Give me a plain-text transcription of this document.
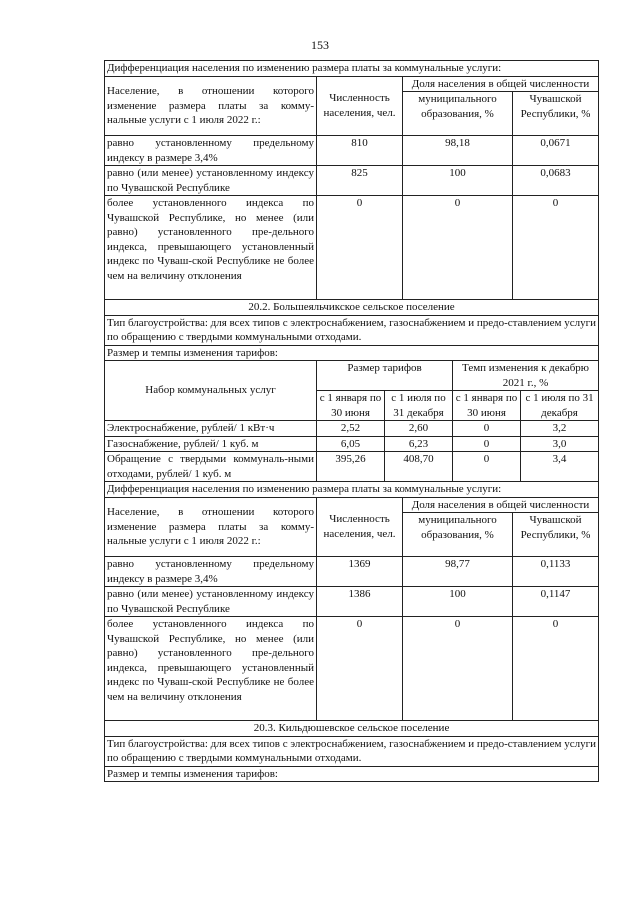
153
Дифференциация населения по изменению размера платы за коммунальные услуги:			
Население, в отношении которого изменение размера платы за комму-нальные услуги с 1 июля 2022 г.:	Численность населения, чел.	Доля населения в общей численности	
		муниципального образования, %	Чувашской Республики, %
равно установленному предельному индексу в размере 3,4%	810	98,18	0,0671
равно (или менее) установленному индексу по Чувашской Республике	825	100	0,0683
более установленного индекса по Чувашской Республике, но менее (или равно) установленного пре-дельного индекса, превышающего установленный индекс по Чуваш-ской Республике не более чем на величину отклонения	0	0	0
20.2. Большеяльчикское сельское поселение			
Тип благоустройства: для всех типов с электроснабжением, газоснабжением и предо-ставлением услуги по обращению с твердыми коммунальными отходами.			
Размер и темпы изменения тарифов:			
Набор коммунальных услуг	Размер тарифов		Темп изменения к декабрю 2021 г., %	
	с 1 января по 30 июня	с 1 июля по 31 декабря	с 1 января по 30 июня	с 1 июля по 31 декабря
Электроснабжение, рублей/ 1 кВт·ч	2,52	2,60	0	3,2
Газоснабжение, рублей/ 1 куб. м	6,05	6,23	0	3,0
Обращение с твердыми коммуналь-ными отходами, рублей/ 1 куб. м	395,26	408,70	0	3,4
Дифференциация населения по изменению размера платы за коммунальные услуги:			
Население, в отношении которого изменение размера платы за комму-нальные услуги с 1 июля 2022 г.:	Численность населения, чел.	Доля населения в общей численности	
		муниципального образования, %	Чувашской Республики, %
равно установленному предельному индексу в размере 3,4%	1369	98,77	0,1133
равно (или менее) установленному индексу по Чувашской Республике	1386	100	0,1147
более установленного индекса по Чувашской Республике, но менее (или равно) установленного пре-дельного индекса, превышающего установленный индекс по Чуваш-ской Республике не более чем на величину отклонения	0	0	0
20.3. Кильдюшевское сельское поселение			
Тип благоустройства: для всех типов с электроснабжением, газоснабжением и предо-ставлением услуги по обращению с твердыми коммунальными отходами.			
Размер и темпы изменения тарифов:			
